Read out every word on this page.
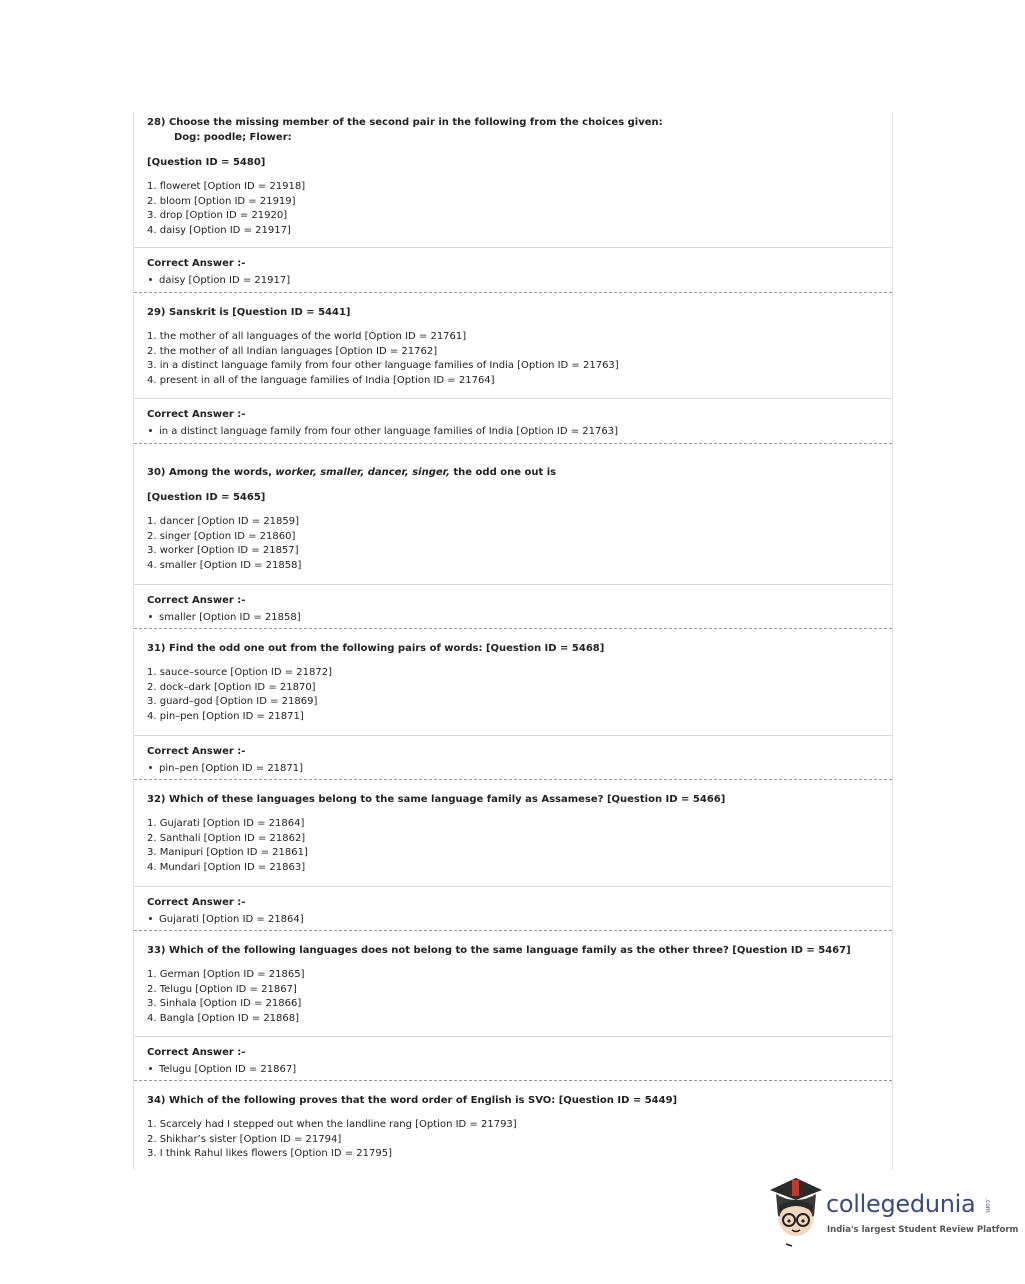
28) Choose the missing member of the second pair in the following from the choices given:
Dog: poodle; Flower:
[Question ID = 5480]
1. floweret [Option ID = 21918]
2. bloom [Option ID = 21919]
3. drop [Option ID = 21920]
4. daisy [Option ID = 21917]
Correct Answer :-
daisy [Option ID = 21917]
29) Sanskrit is [Question ID = 5441]
1. the mother of all languages of the world [Option ID = 21761]
2. the mother of all Indian languages [Option ID = 21762]
3. in a distinct language family from four other language families of India [Option ID = 21763]
4. present in all of the language families of India [Option ID = 21764]
Correct Answer :-
in a distinct language family from four other language families of India [Option ID = 21763]
30) Among the words, worker, smaller, dancer, singer, the odd one out is
[Question ID = 5465]
1. dancer [Option ID = 21859]
2. singer [Option ID = 21860]
3. worker [Option ID = 21857]
4. smaller [Option ID = 21858]
Correct Answer :-
smaller [Option ID = 21858]
31) Find the odd one out from the following pairs of words: [Question ID = 5468]
1. sauce–source [Option ID = 21872]
2. dock–dark [Option ID = 21870]
3. guard–god [Option ID = 21869]
4. pin–pen [Option ID = 21871]
Correct Answer :-
pin–pen [Option ID = 21871]
32) Which of these languages belong to the same language family as Assamese? [Question ID = 5466]
1. Gujarati [Option ID = 21864]
2. Santhali [Option ID = 21862]
3. Manipuri [Option ID = 21861]
4. Mundari [Option ID = 21863]
Correct Answer :-
Gujarati [Option ID = 21864]
33) Which of the following languages does not belong to the same language family as the other three? [Question ID = 5467]
1. German [Option ID = 21865]
2. Telugu [Option ID = 21867]
3. Sinhala [Option ID = 21866]
4. Bangla [Option ID = 21868]
Correct Answer :-
Telugu [Option ID = 21867]
34) Which of the following proves that the word order of English is SVO: [Question ID = 5449]
1. Scarcely had I stepped out when the landline rang [Option ID = 21793]
2. Shikhar’s sister [Option ID = 21794]
3. I think Rahul likes flowers [Option ID = 21795]
collegedunia .com
India's largest Student Review Platform
